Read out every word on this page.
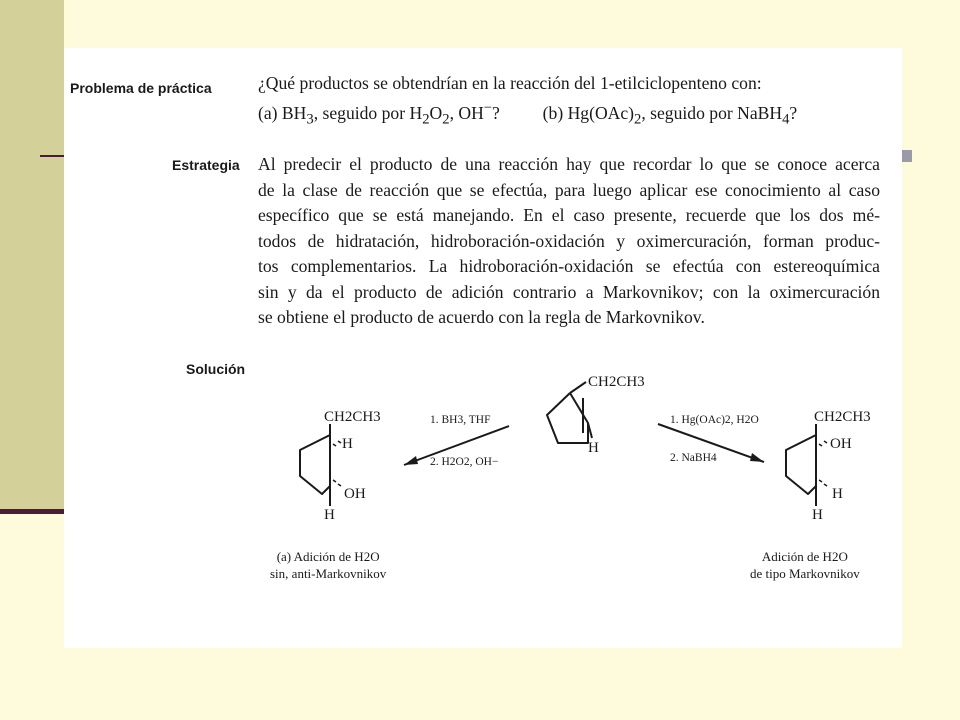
Problema de práctica
Estrategia
Solución
¿Qué productos se obtendrían en la reacción del 1-etilciclopenteno con:
(a) $BH_3$, seguido por $H_2O_2$, OH−? (b) $Hg(OAc)_2$, seguido por NaBH$_4$?
Al predecir el producto de una reacción hay que recordar lo que se conoce acerca
de la clase de reacción que se efectúa, para luego aplicar ese conocimiento al caso
específico que se está manejando. En el caso presente, recuerde que los dos mé-
todos de hidratación, hidroboración-oxidación y oximercuración, forman produc-
tos complementarios. La hidroboración-oxidación se efectúa con estereoquímica
sin y da el producto de adición contrario a Markovnikov; con la oximercuración
se obtiene el producto de acuerdo con la regla de Markovnikov.
CH2CH3
H
CH2CH3
H
OH
H
CH2CH3
OH
H
H
1. BH3, THF
2. H2O2, OH−
1. Hg(OAc)2, H2O
2. NaBH4
(a) Adición de H2O
sin, anti-Markovnikov
Adición de H2O
de tipo Markovnikov
